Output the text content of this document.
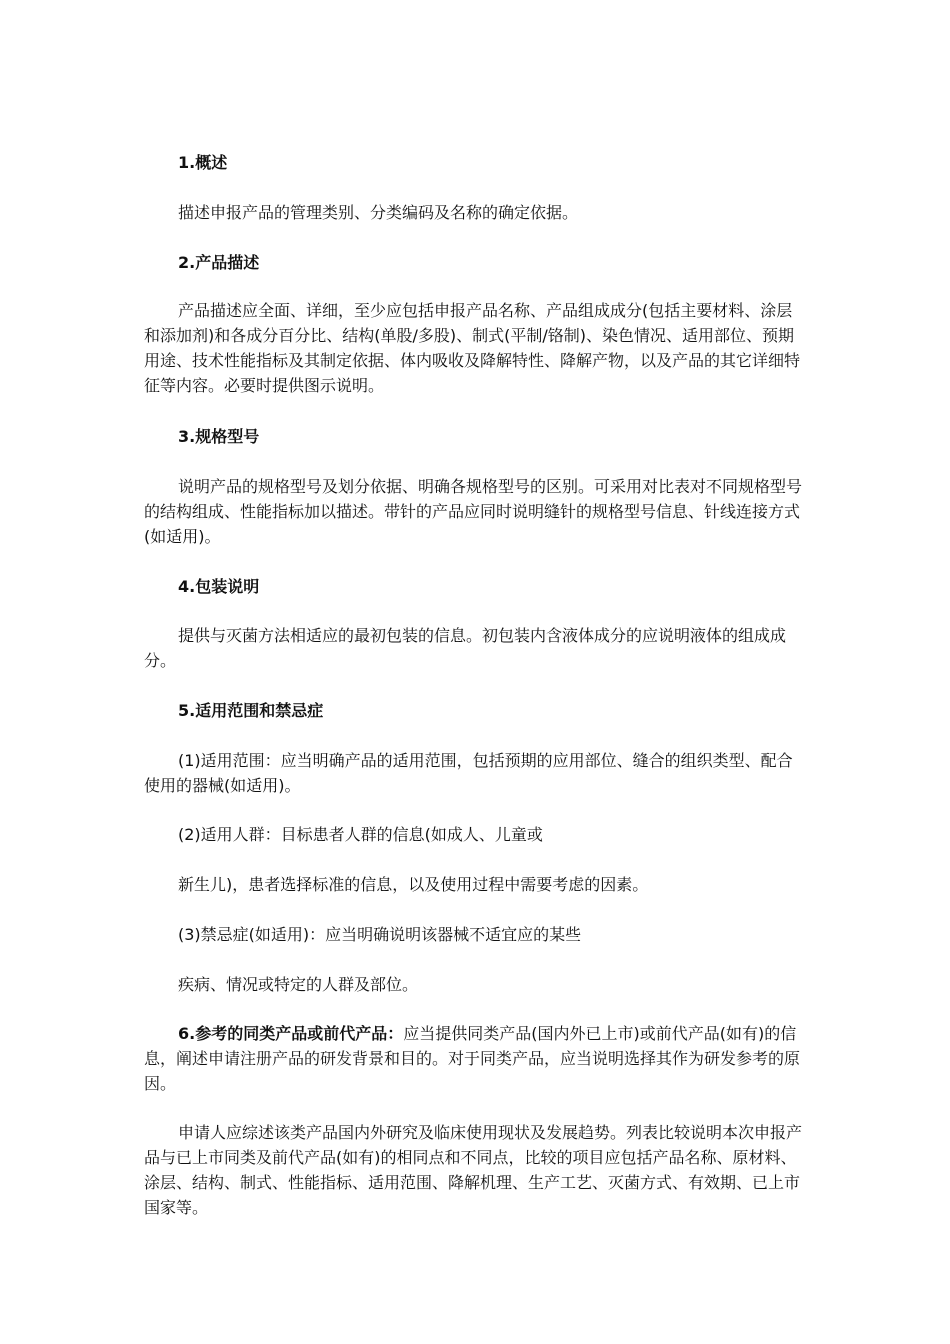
1.概述

描述申报产品的管理类别、分类编码及名称的确定依据。

2.产品描述

产品描述应全面、详细，至少应包括申报产品名称、产品组成成分(包括主要材料、涂层和添加剂)和各成分百分比、结构(单股/多股)、制式(平制/铬制)、染色情况、适用部位、预期用途、技术性能指标及其制定依据、体内吸收及降解特性、降解产物，以及产品的其它详细特征等内容。必要时提供图示说明。

3.规格型号

说明产品的规格型号及划分依据、明确各规格型号的区别。可采用对比表对不同规格型号的结构组成、性能指标加以描述。带针的产品应同时说明缝针的规格型号信息、针线连接方式(如适用)。

4.包装说明

提供与灭菌方法相适应的最初包装的信息。初包装内含液体成分的应说明液体的组成成分。

5.适用范围和禁忌症

(1)适用范围：应当明确产品的适用范围，包括预期的应用部位、缝合的组织类型、配合使用的器械(如适用)。

(2)适用人群：目标患者人群的信息(如成人、儿童或

新生儿)，患者选择标准的信息，以及使用过程中需要考虑的因素。

(3)禁忌症(如适用)：应当明确说明该器械不适宜应的某些

疾病、情况或特定的人群及部位。

6.参考的同类产品或前代产品：应当提供同类产品(国内外已上市)或前代产品(如有)的信息，阐述申请注册产品的研发背景和目的。对于同类产品，应当说明选择其作为研发参考的原因。

申请人应综述该类产品国内外研究及临床使用现状及发展趋势。列表比较说明本次申报产品与已上市同类及前代产品(如有)的相同点和不同点，比较的项目应包括产品名称、原材料、涂层、结构、制式、性能指标、适用范围、降解机理、生产工艺、灭菌方式、有效期、已上市国家等。
